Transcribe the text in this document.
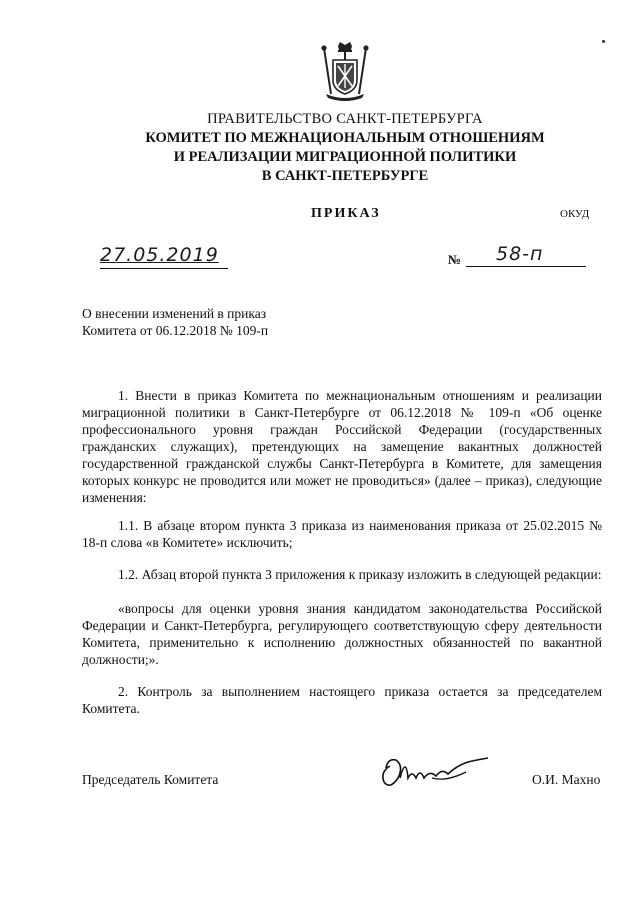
ПРАВИТЕЛЬСТВО САНКТ-ПЕТЕРБУРГА
КОМИТЕТ ПО МЕЖНАЦИОНАЛЬНЫМ ОТНОШЕНИЯМ
И РЕАЛИЗАЦИИ МИГРАЦИОННОЙ ПОЛИТИКИ
В САНКТ-ПЕТЕРБУРГЕ
ПРИКАЗ	ОКУД
27.05.2019	№ 58-п
О внесении изменений в приказ
Комитета от 06.12.2018 № 109-п
1. Внести в приказ Комитета по межнациональным отношениям и реализации миграционной политики в Санкт-Петербурге от 06.12.2018 № 109-п «Об оценке профессионального уровня граждан Российской Федерации (государственных гражданских служащих), претендующих на замещение вакантных должностей государственной гражданской службы Санкт-Петербурга в Комитете, для замещения которых конкурс не проводится или может не проводиться» (далее – приказ), следующие изменения:
1.1. В абзаце втором пункта 3 приказа из наименования приказа от 25.02.2015 № 18-п слова «в Комитете» исключить;
1.2. Абзац второй пункта 3 приложения к приказу изложить в следующей редакции:
«вопросы для оценки уровня знания кандидатом законодательства Российской Федерации и Санкт-Петербурга, регулирующего соответствующую сферу деятельности Комитета, применительно к исполнению должностных обязанностей по вакантной должности;».
2. Контроль за выполнением настоящего приказа остается за председателем Комитета.
Председатель Комитета	О.И. Махно
